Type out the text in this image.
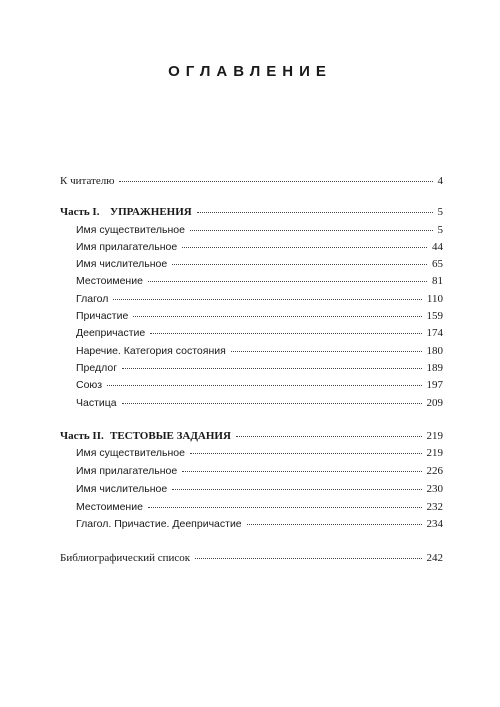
ОГЛАВЛЕНИЕ
К читателю	4
Часть I. УПРАЖНЕНИЯ	5
Имя существительное	5
Имя прилагательное	44
Имя числительное	65
Местоимение	81
Глагол	110
Причастие	159
Деепричастие	174
Наречие. Категория состояния	180
Предлог	189
Союз	197
Частица	209
Часть II. ТЕСТОВЫЕ ЗАДАНИЯ	219
Имя существительное	219
Имя прилагательное	226
Имя числительное	230
Местоимение	232
Глагол. Причастие. Деепричастие	234
Библиографический список	242
